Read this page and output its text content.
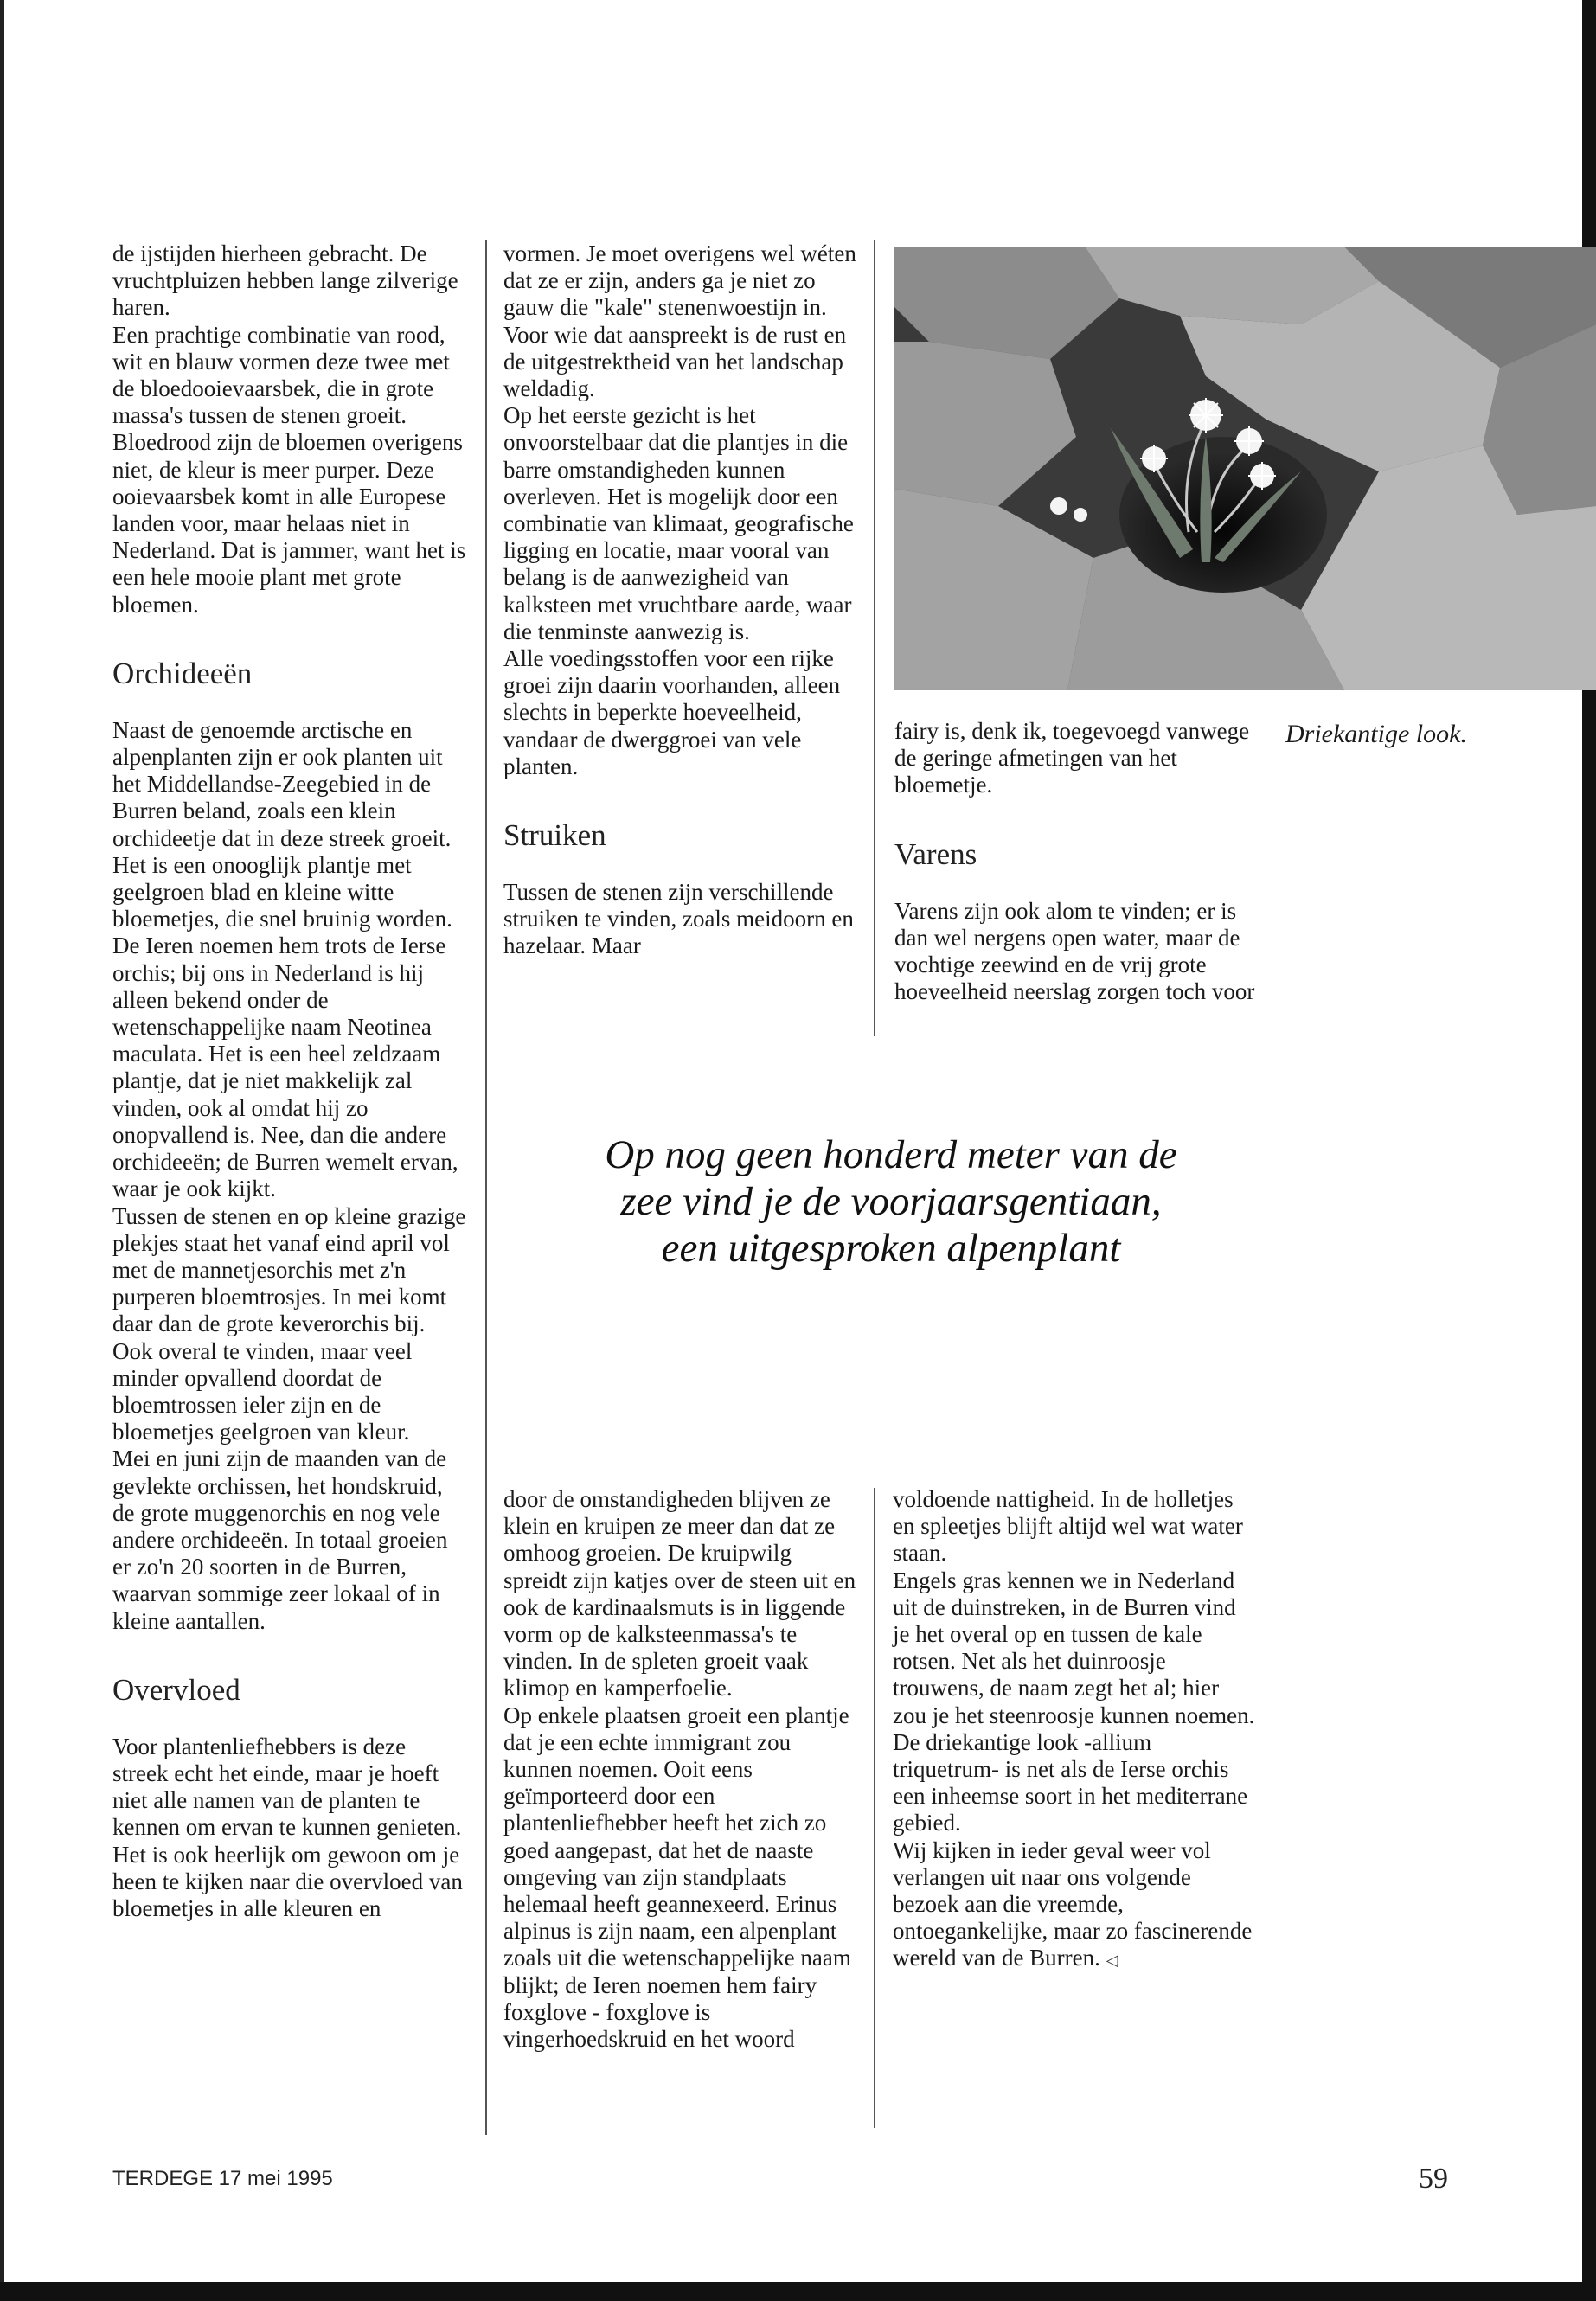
de ijstijden hierheen gebracht. De vruchtpluizen hebben lange zilverige haren.

Een prachtige combinatie van rood, wit en blauw vormen deze twee met de bloedooievaarsbek, die in grote massa's tussen de stenen groeit. Bloedrood zijn de bloemen overigens niet, de kleur is meer purper. Deze ooievaarsbek komt in alle Europese landen voor, maar helaas niet in Nederland. Dat is jammer, want het is een hele mooie plant met grote bloemen.

Orchideeën

Naast de genoemde arctische en alpenplanten zijn er ook planten uit het Middellandse-Zeegebied in de Burren beland, zoals een klein orchideetje dat in deze streek groeit. Het is een onooglijk plantje met geelgroen blad en kleine witte bloemetjes, die snel bruinig worden. De Ieren noemen hem trots de Ierse orchis; bij ons in Nederland is hij alleen bekend onder de wetenschappelijke naam Neotinea maculata. Het is een heel zeldzaam plantje, dat je niet makkelijk zal vinden, ook al omdat hij zo onopvallend is. Nee, dan die andere orchideeën; de Burren wemelt ervan, waar je ook kijkt.

Tussen de stenen en op kleine grazige plekjes staat het vanaf eind april vol met de mannetjesorchis met z'n purperen bloemtrosjes. In mei komt daar dan de grote keverorchis bij.

Ook overal te vinden, maar veel minder opvallend doordat de bloemtrossen ieler zijn en de bloemetjes geelgroen van kleur.

Mei en juni zijn de maanden van de gevlekte orchissen, het hondskruid, de grote muggenorchis en nog vele andere orchideeën. In totaal groeien er zo'n 20 soorten in de Burren, waarvan sommige zeer lokaal of in kleine aantallen.

Overvloed

Voor plantenliefhebbers is deze streek echt het einde, maar je hoeft niet alle namen van de planten te kennen om ervan te kunnen genieten. Het is ook heerlijk om gewoon om je heen te kijken naar die overvloed van bloemetjes in alle kleuren en

vormen. Je moet overigens wel wéten dat ze er zijn, anders ga je niet zo gauw die "kale" stenenwoestijn in. Voor wie dat aanspreekt is de rust en de uitgestrektheid van het landschap weldadig.

Op het eerste gezicht is het onvoorstelbaar dat die plantjes in die barre omstandigheden kunnen overleven. Het is mogelijk door een combinatie van klimaat, geografische ligging en locatie, maar vooral van belang is de aanwezigheid van kalksteen met vruchtbare aarde, waar die tenminste aanwezig is.

Alle voedingsstoffen voor een rijke groei zijn daarin voorhanden, alleen slechts in beperkte hoeveelheid, vandaar de dwerggroei van vele planten.

Struiken

Tussen de stenen zijn verschillende struiken te vinden, zoals meidoorn en hazelaar. Maar

fairy is, denk ik, toegevoegd vanwege de geringe afmetingen van het bloemetje.

Varens

Varens zijn ook alom te vinden; er is dan wel nergens open water, maar de vochtige zeewind en de vrij grote hoeveelheid neerslag zorgen toch voor

Driekantige look.
Op nog geen honderd meter van de zee vind je de voorjaarsgentiaan, een uitgesproken alpenplant

door de omstandigheden blijven ze klein en kruipen ze meer dan dat ze omhoog groeien. De kruipwilg spreidt zijn katjes over de steen uit en ook de kardinaalsmuts is in liggende vorm op de kalksteenmassa's te vinden. In de spleten groeit vaak klimop en kamperfoelie.

Op enkele plaatsen groeit een plantje dat je een echte immigrant zou kunnen noemen. Ooit eens geïmporteerd door een plantenliefhebber heeft het zich zo goed aangepast, dat het de naaste omgeving van zijn standplaats helemaal heeft geannexeerd. Erinus alpinus is zijn naam, een alpenplant zoals uit die wetenschappelijke naam blijkt; de Ieren noemen hem fairy foxglove - foxglove is vingerhoedskruid en het woord

voldoende nattigheid. In de holletjes en spleetjes blijft altijd wel wat water staan.

Engels gras kennen we in Nederland uit de duinstreken, in de Burren vind je het overal op en tussen de kale rotsen. Net als het duinroosje trouwens, de naam zegt het al; hier zou je het steenroosje kunnen noemen.

De driekantige look -allium triquetrum- is net als de Ierse orchis een inheemse soort in het mediterrane gebied.

Wij kijken in ieder geval weer vol verlangen uit naar ons volgende bezoek aan die vreemde, ontoegankelijke, maar zo fascinerende wereld van de Burren. ◁

TERDEGE 17 mei 1995	59
